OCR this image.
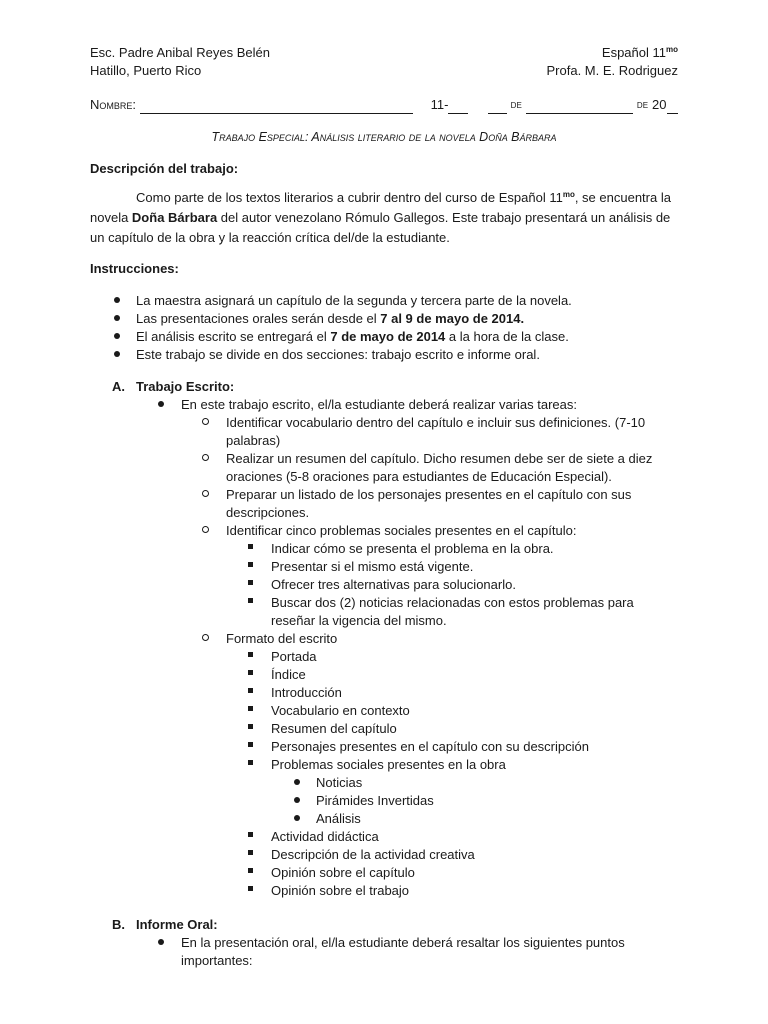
Esc. Padre Anibal Reyes Belén	Español $11^{mo}$
Hatillo, Puerto Rico	Profa. M. E. Rodriguez
Nombre:	11-	de	de 20
Trabajo Especial: Análisis literario de la novela Doña Bárbara
Descripción del trabajo:
Como parte de los textos literarios a cubrir dentro del curso de Español $11^{mo}$, se encuentra la novela Doña Bárbara del autor venezolano Rómulo Gallegos. Este trabajo presentará un análisis de un capítulo de la obra y la reacción crítica del/de la estudiante.
Instrucciones:
La maestra asignará un capítulo de la segunda y tercera parte de la novela.
Las presentaciones orales serán desde el 7 al 9 de mayo de 2014.
El análisis escrito se entregará el 7 de mayo de 2014 a la hora de la clase.
Este trabajo se divide en dos secciones: trabajo escrito e informe oral.
A. Trabajo Escrito:
En este trabajo escrito, el/la estudiante deberá realizar varias tareas:
Identificar vocabulario dentro del capítulo e incluir sus definiciones. (7-10 palabras)
Realizar un resumen del capítulo. Dicho resumen debe ser de siete a diez oraciones (5-8 oraciones para estudiantes de Educación Especial).
Preparar un listado de los personajes presentes en el capítulo con sus descripciones.
Identificar cinco problemas sociales presentes en el capítulo:
Indicar cómo se presenta el problema en la obra.
Presentar si el mismo está vigente.
Ofrecer tres alternativas para solucionarlo.
Buscar dos (2) noticias relacionadas con estos problemas para reseñar la vigencia del mismo.
Formato del escrito
Portada
Índice
Introducción
Vocabulario en contexto
Resumen del capítulo
Personajes presentes en el capítulo con su descripción
Problemas sociales presentes en la obra
Noticias
Pirámides Invertidas
Análisis
Actividad didáctica
Descripción de la actividad creativa
Opinión sobre el capítulo
Opinión sobre el trabajo
B. Informe Oral:
En la presentación oral, el/la estudiante deberá resaltar los siguientes puntos importantes:
